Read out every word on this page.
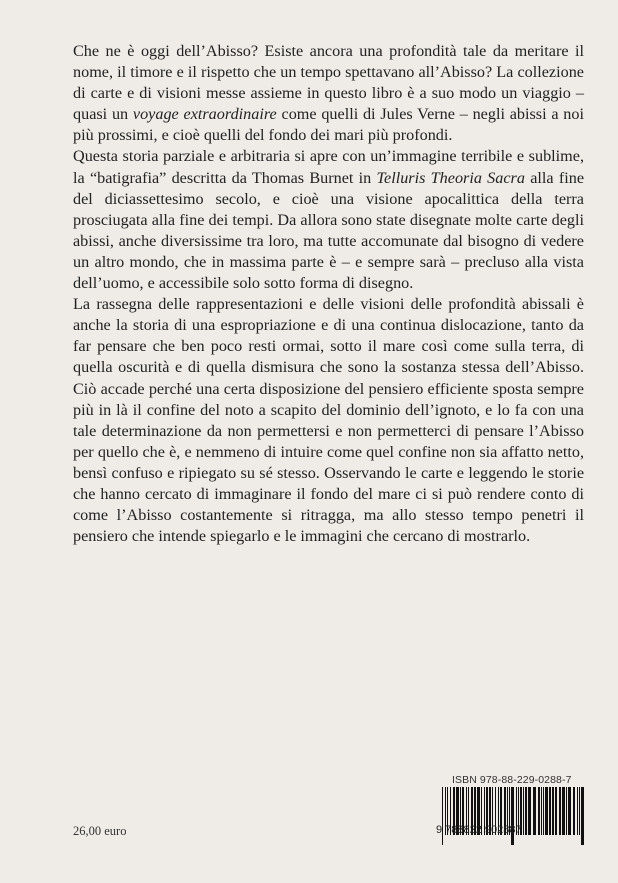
Che ne è oggi dell’Abisso? Esiste ancora una profondità tale da meritare il nome, il timore e il rispetto che un tempo spettavano all’Abisso? La collezione di carte e di visioni messe assieme in questo libro è a suo modo un viaggio – quasi un voyage extraordinaire come quelli di Jules Verne – negli abissi a noi più prossimi, e cioè quelli del fondo dei mari più profondi.

Questa storia parziale e arbitraria si apre con un’immagine terribile e sublime, la “batigrafia” descritta da Thomas Burnet in Telluris Theoria Sacra alla fine del diciassettesimo secolo, e cioè una visione apocalittica della terra prosciugata alla fine dei tempi. Da allora sono state disegnate molte carte degli abissi, anche diversissime tra loro, ma tutte accomunate dal bisogno di vedere un altro mondo, che in massima parte è – e sempre sarà – precluso alla vista dell’uomo, e accessibile solo sotto forma di disegno.

La rassegna delle rappresentazioni e delle visioni delle profondità abissali è anche la storia di una espropriazione e di una continua dislocazione, tanto da far pensare che ben poco resti ormai, sotto il mare così come sulla terra, di quella oscurità e di quella dismisura che sono la sostanza stessa dell’Abisso. Ciò accade perché una certa disposizione del pensiero efficiente sposta sempre più in là il confine del noto a scapito del dominio dell’ignoto, e lo fa con una tale determinazione da non permettersi e non permetterci di pensare l’Abisso per quello che è, e nemmeno di intuire come quel confine non sia affatto netto, bensì confuso e ripiegato su sé stesso. Osservando le carte e leggendo le storie che hanno cercato di immaginare il fondo del mare ci si può rendere conto di come l’Abisso costantemente si ritragga, ma allo stesso tempo penetri il pensiero che intende spiegarlo e le immagini che cercano di mostrarlo.

ISBN 978-88-229-0288-7
9 788822 902887
26,00 euro
